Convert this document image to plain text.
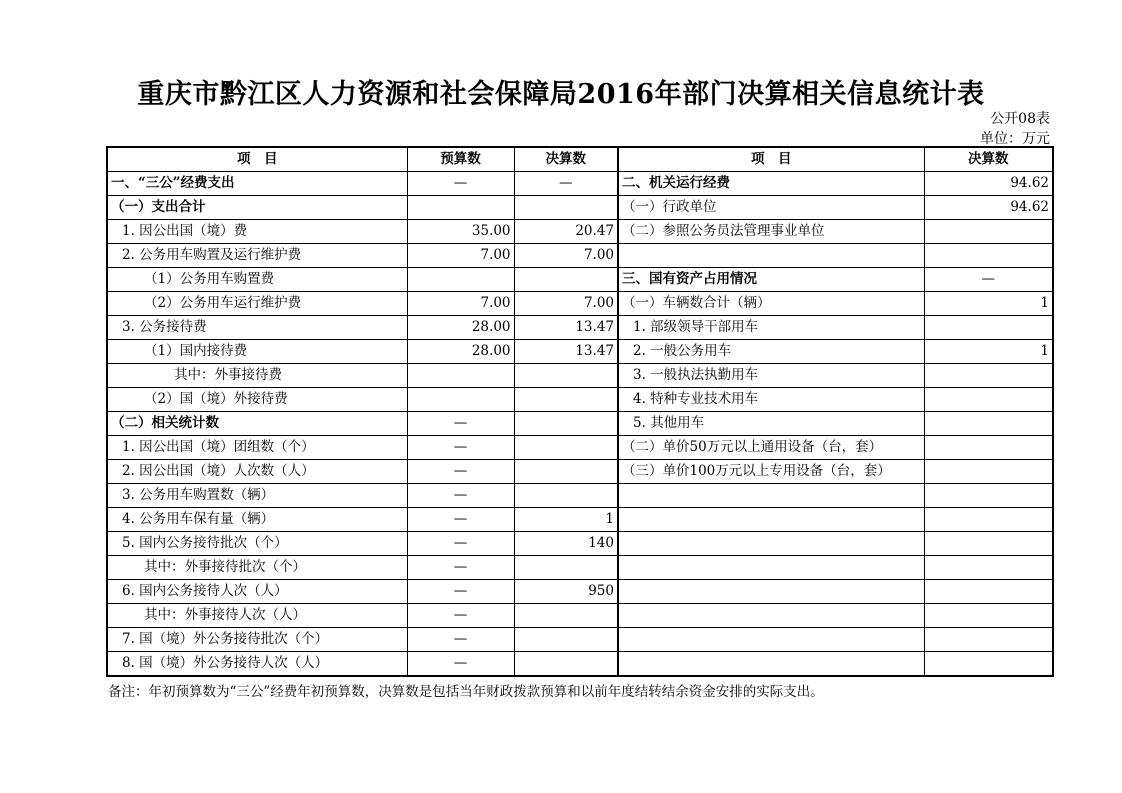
重庆市黔江区人力资源和社会保障局2016年部门决算相关信息统计表
公开08表
单位：万元
项　目	预算数	决算数	项　目	决算数
一、“三公”经费支出	—	—	二、机关运行经费	94.62
（一）支出合计			（一）行政单位	94.62
1. 因公出国（境）费	35.00	20.47	（二）参照公务员法管理事业单位	
2. 公务用车购置及运行维护费	7.00	7.00		
（1）公务用车购置费			三、国有资产占用情况	—
（2）公务用车运行维护费	7.00	7.00	（一）车辆数合计（辆）	1
3. 公务接待费	28.00	13.47	1. 部级领导干部用车	
（1）国内接待费	28.00	13.47	2. 一般公务用车	1
其中：外事接待费			3. 一般执法执勤用车	
（2）国（境）外接待费			4. 特种专业技术用车	
（二）相关统计数	—		5. 其他用车	
1. 因公出国（境）团组数（个）	—		（二）单价50万元以上通用设备（台，套）	
2. 因公出国（境）人次数（人）	—		（三）单价100万元以上专用设备（台，套）	
3. 公务用车购置数（辆）	—			
4. 公务用车保有量（辆）	—	1		
5. 国内公务接待批次（个）	—	140		
其中：外事接待批次（个）	—			
6. 国内公务接待人次（人）	—	950		
其中：外事接待人次（人）	—			
7. 国（境）外公务接待批次（个）	—			
8. 国（境）外公务接待人次（人）	—			
备注：年初预算数为“三公”经费年初预算数，决算数是包括当年财政拨款预算和以前年度结转结余资金安排的实际支出。
